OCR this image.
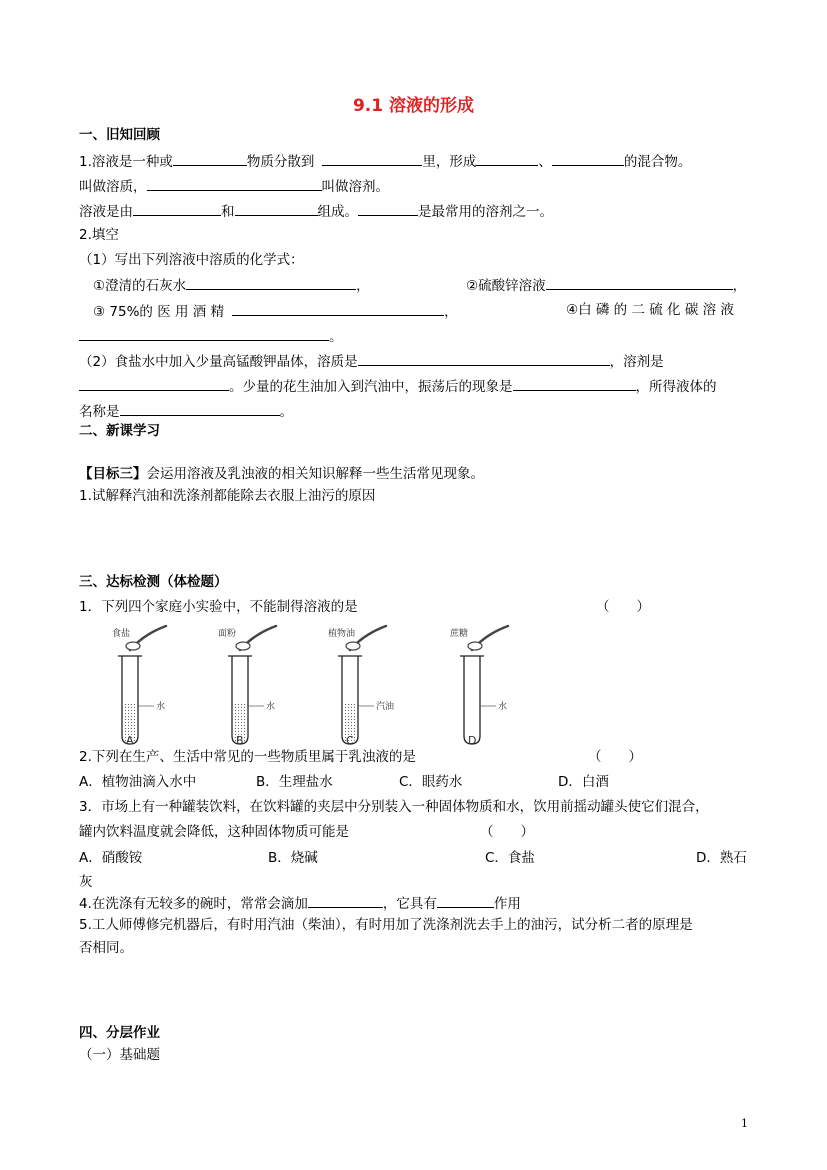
9.1 溶液的形成
一、旧知回顾
1.溶液是一种或	物质分散到	里，形成	、	的混合物。
叫做溶质，	叫做溶剂。
溶液是由	和	组成。	是最常用的溶剂之一。
2.填空
（1）写出下列溶液中溶质的化学式：
①澄清的石灰水	，	②硫酸锌溶液	，
③ 75%的 医 用 酒 精	，	④白 磷 的 二 硫 化 碳 溶 液
。
（2）食盐水中加入少量高锰酸钾晶体，溶质是	，溶剂是
。少量的花生油加入到汽油中，振荡后的现象是	，所得液体的
名称是	。
二、新课学习
【目标三】会运用溶液及乳浊液的相关知识解释一些生活常见现象。
1.试解释汽油和洗涤剂都能除去衣服上油污的原因
三、达标检测（体检题）
1．下列四个家庭小实验中，不能制得溶液的是	（　　）
食盐
水
A
面粉
水
B
植物油
汽油
C
蔗糖
水
D
2.下列在生产、生活中常见的一些物质里属于乳浊液的是	（　　）
A．植物油滴入水中	B．生理盐水	C．眼药水	D．白酒
3．市场上有一种罐装饮料，在饮料罐的夹层中分别装入一种固体物质和水，饮用前摇动罐头使它们混合，
罐内饮料温度就会降低，这种固体物质可能是	（　　）
A．硝酸铵	B．烧碱	C．食盐	D．熟石
灰
4.在洗涤有无较多的碗时，常常会滴加	，它具有	作用
5.工人师傅修完机器后，有时用汽油（柴油），有时用加了洗涤剂洗去手上的油污，试分析二者的原理是
否相同。
四、分层作业
（一）基础题
1
